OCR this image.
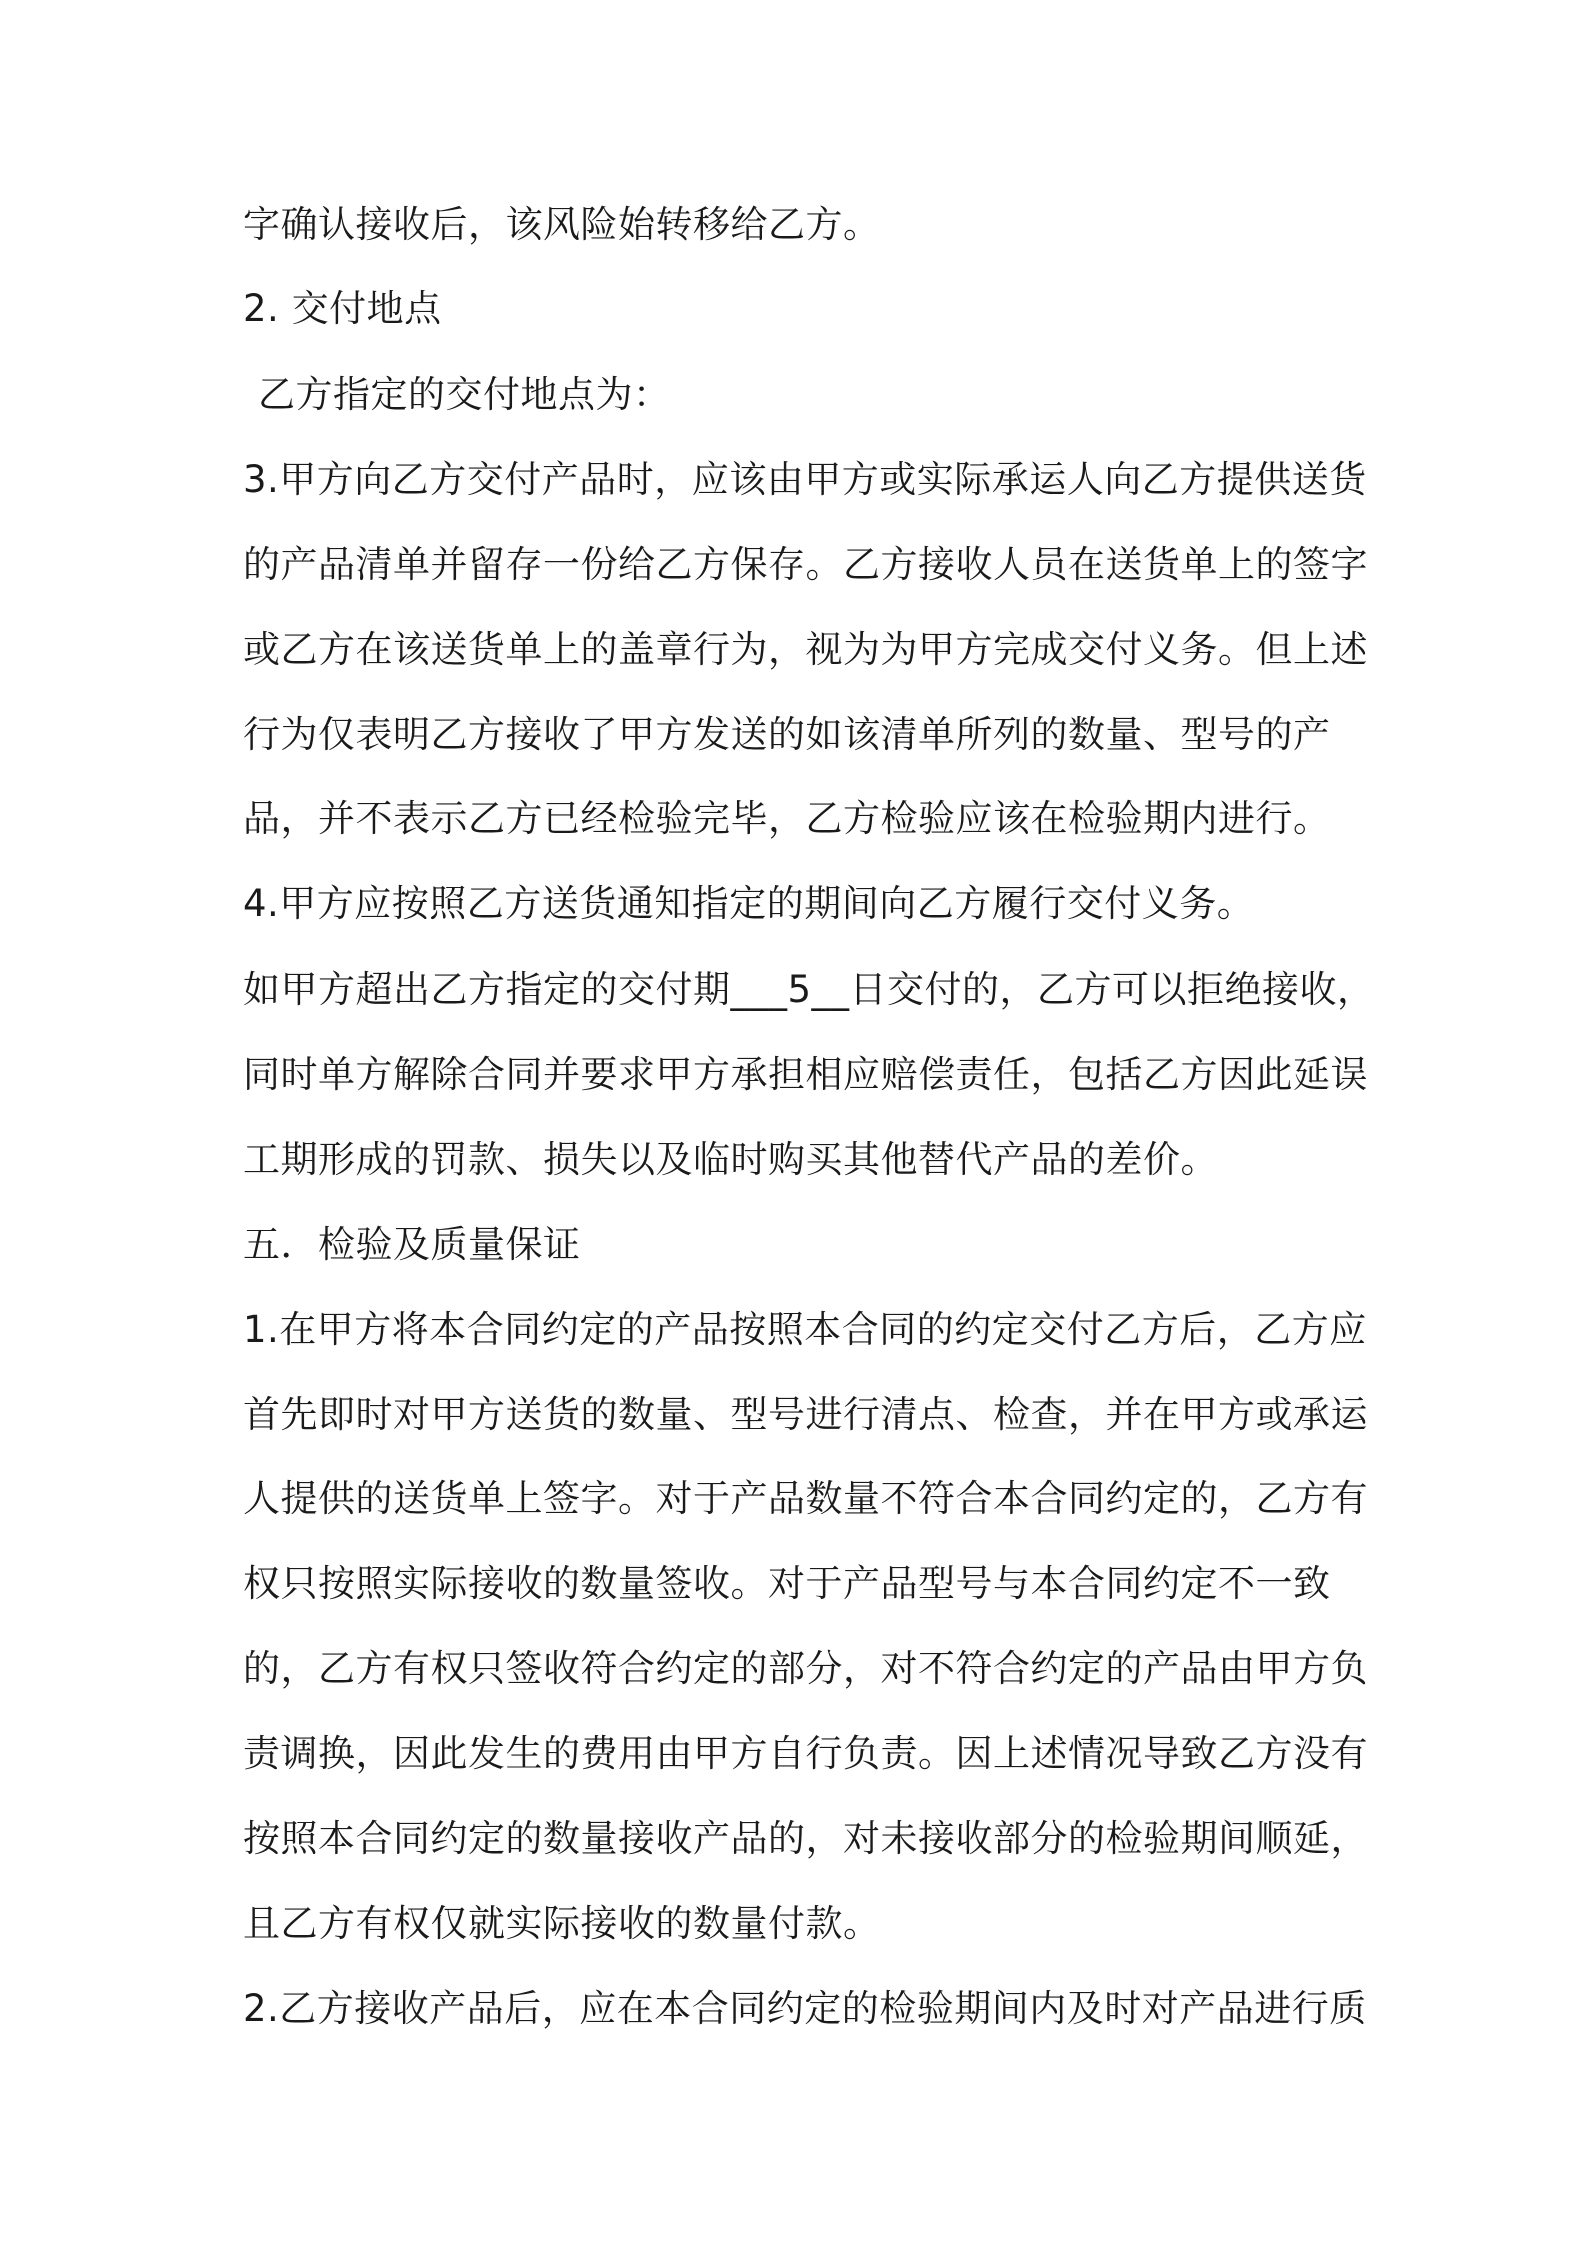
字确认接收后，该风险始转移给乙方。
2. 交付地点
乙方指定的交付地点为：
3.甲方向乙方交付产品时，应该由甲方或实际承运人向乙方提供送货
的产品清单并留存一份给乙方保存。乙方接收人员在送货单上的签字
或乙方在该送货单上的盖章行为，视为为甲方完成交付义务。但上述
行为仅表明乙方接收了甲方发送的如该清单所列的数量、型号的产
品，并不表示乙方已经检验完毕，乙方检验应该在检验期内进行。
4.甲方应按照乙方送货通知指定的期间向乙方履行交付义务。
如甲方超出乙方指定的交付期___5__日交付的，乙方可以拒绝接收，
同时单方解除合同并要求甲方承担相应赔偿责任，包括乙方因此延误
工期形成的罚款、损失以及临时购买其他替代产品的差价。
五．检验及质量保证
1.在甲方将本合同约定的产品按照本合同的约定交付乙方后，乙方应
首先即时对甲方送货的数量、型号进行清点、检查，并在甲方或承运
人提供的送货单上签字。对于产品数量不符合本合同约定的，乙方有
权只按照实际接收的数量签收。对于产品型号与本合同约定不一致
的，乙方有权只签收符合约定的部分，对不符合约定的产品由甲方负
责调换，因此发生的费用由甲方自行负责。因上述情况导致乙方没有
按照本合同约定的数量接收产品的，对未接收部分的检验期间顺延，
且乙方有权仅就实际接收的数量付款。
2.乙方接收产品后，应在本合同约定的检验期间内及时对产品进行质
